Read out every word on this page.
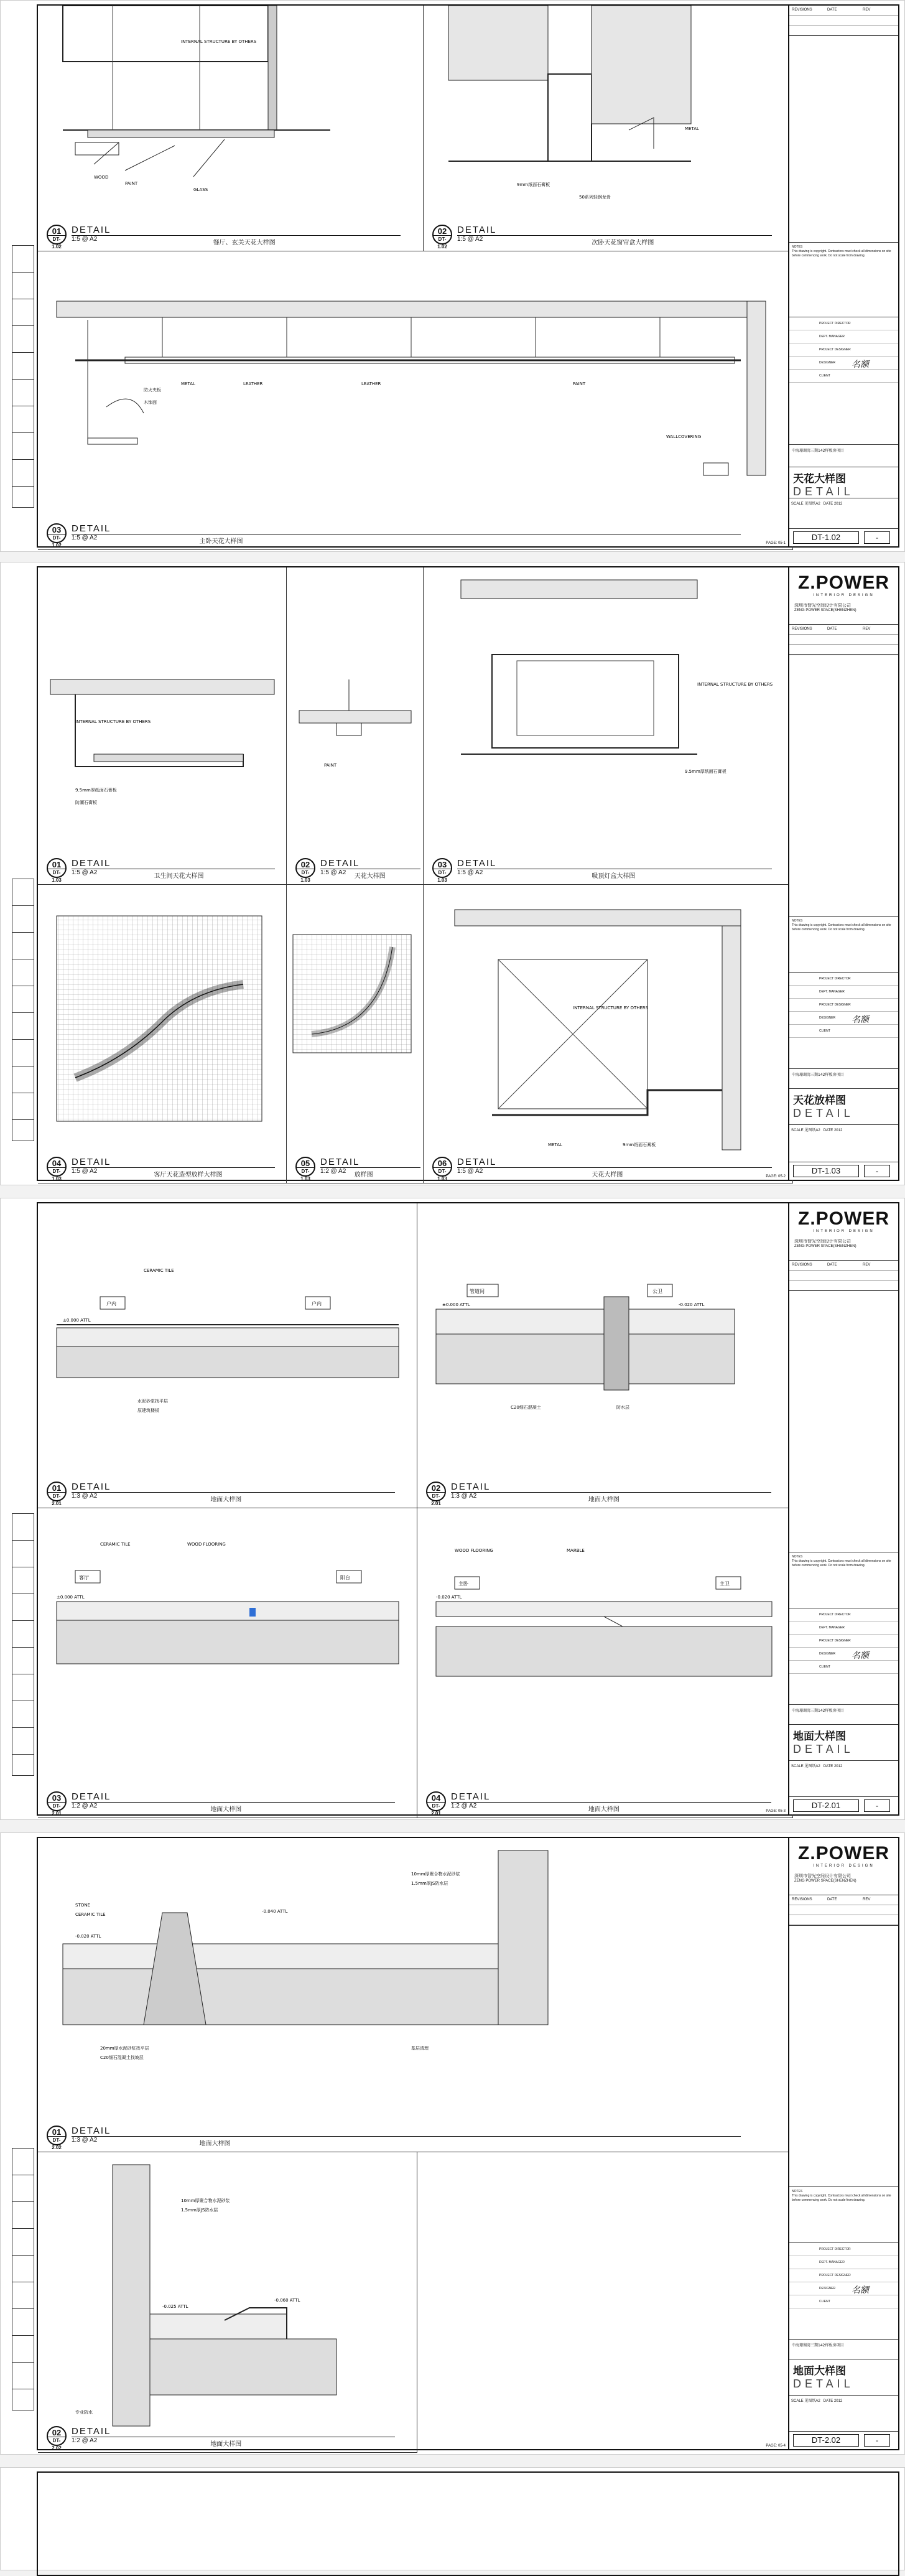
WOOD
PAINT
GLASS
INTERNAL STRUCTURE BY OTHERS
01
DT-1.02
DETAIL
1:5 @ A2
餐厅、玄关天花大样图
METAL
9mm纸面石膏板
50系列轻钢龙骨
02
DT-1.02
DETAIL
1:5 @ A2
次卧天花窗帘盒大样图
METAL	LEATHER	LEATHER	PAINT
WALLCOVERING
防火夹板
木饰面
03
DT-1.02
DETAIL
1:5 @ A2
主卧天花大样图	PAGE: 05-1
REVISIONS	DATE	REV
NOTES
This drawing is copyright. Contractors must check all dimensions on site before commencing work. Do not scale from drawing.
PROJECT DIRECTOR
DEPT. MANAGER
PROJECT DESIGNER
DESIGNER 名额
CLIENT
中海珊瑚湾三期142样板房项目
天花大样图
DETAIL
SCALE 见图纸A2 DATE 2012
DT-1.02	-
INTERNAL STRUCTURE BY OTHERS
9.5mm厚纸面石膏板
防潮石膏板
01
DT-1.03
DETAIL
1:5 @ A2
卫生间天花大样图
PAINT
02
DT-1.03
DETAIL
1:5 @ A2
天花大样图
INTERNAL STRUCTURE BY OTHERS
9.5mm厚纸面石膏板
03
DT-1.03
DETAIL
1:5 @ A2
吸顶灯盒大样图
04
DT-1.03
DETAIL
1:5 @ A2
客厅天花造型放样大样图
05
DT-1.03
DETAIL
1:2 @ A2
放样图
INTERNAL STRUCTURE BY OTHERS
METAL	9mm纸面石膏板
06
DT-1.03
DETAIL
1:5 @ A2
天花大样图	PAGE: 05-2
Z.POWER
INTERIOR DESIGN
深圳市智光空间设计有限公司
ZENG POWER SPACE(SHENZHEN)
REVISIONS	DATE	REV
NOTES
This drawing is copyright. Contractors must check all dimensions on site before commencing work. Do not scale from drawing.
PROJECT DIRECTOR
DEPT. MANAGER
PROJECT DESIGNER
DESIGNER 名额
CLIENT
中海珊瑚湾三期142样板房项目
天花放样图
DETAIL
SCALE 见图纸A2 DATE 2012
DT-1.03	-
户内	户内
±0.000 ATTL
CERAMIC TILE
水泥砂浆找平层
原建筑楼板
01
DT-2.01
DETAIL
1:3 @ A2
地面大样图
管道间	公卫
±0.000 ATTL	-0.020 ATTL
C20细石混凝土	防水层
02
DT-2.01
DETAIL
1:3 @ A2
地面大样图
客厅	阳台
±0.000 ATTL
CERAMIC TILE	WOOD FLOORING
03
DT-2.01
DETAIL
1:2 @ A2
地面大样图
主卧	主卫
-0.020 ATTL
MARBLE
WOOD FLOORING
04
DT-2.01
DETAIL
1:2 @ A2
地面大样图	PAGE: 05-3
Z.POWER
INTERIOR DESIGN
深圳市智光空间设计有限公司
ZENG POWER SPACE(SHENZHEN)
REVISIONS	DATE	REV
NOTES
This drawing is copyright. Contractors must check all dimensions on site before commencing work. Do not scale from drawing.
PROJECT DIRECTOR
DEPT. MANAGER
PROJECT DESIGNER
DESIGNER 名额
CLIENT
中海珊瑚湾三期142样板房项目
地面大样图
DETAIL
SCALE 见图纸A2 DATE 2012
DT-2.01	-
-0.020 ATTL
-0.040 ATTL
STONE
CERAMIC TILE
10mm厚聚合物水泥砂浆
1.5mm厚JS防水层
20mm厚水泥砂浆找平层
C20细石混凝土找坡层
基层清理
01
DT-2.02
DETAIL
1:3 @ A2
地面大样图
-0.025 ATTL
-0.060 ATTL
10mm厚聚合物水泥砂浆
1.5mm厚JS防水层
专业防水
02
DT-2.02
DETAIL
1:2 @ A2
地面大样图	PAGE: 05-4
Z.POWER
INTERIOR DESIGN
深圳市智光空间设计有限公司
ZENG POWER SPACE(SHENZHEN)
REVISIONS	DATE	REV
NOTES
This drawing is copyright. Contractors must check all dimensions on site before commencing work. Do not scale from drawing.
PROJECT DIRECTOR
DEPT. MANAGER
PROJECT DESIGNER
DESIGNER 名额
CLIENT
中海珊瑚湾三期142样板房项目
地面大样图
DETAIL
SCALE 见图纸A2 DATE 2012
DT-2.02	-
